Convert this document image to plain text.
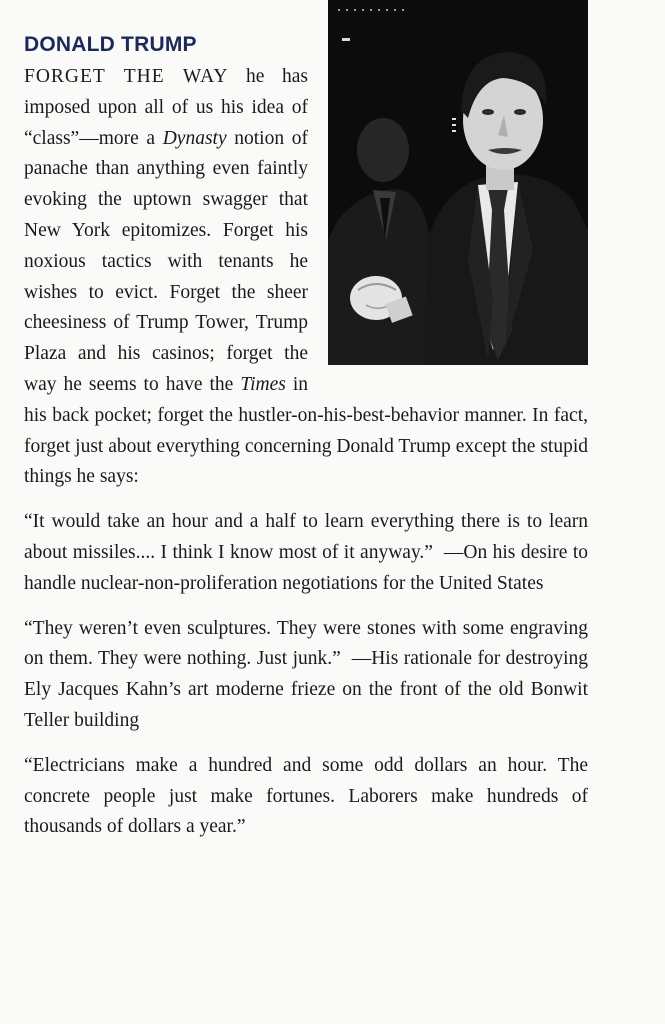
DONALD TRUMP

FORGET THE WAY he has imposed upon all of us his idea of “class”—more a Dynasty notion of panache than anything even faintly evoking the uptown swagger that New York epitomizes. Forget his noxious tactics with tenants he wishes to evict. Forget the sheer cheesiness of Trump Tower, Trump Plaza and his casinos; forget the way he seems to have the Times in his back pocket; forget the hustler-on-his-best-behavior manner. In fact, forget just about everything concerning Donald Trump except the stupid things he says:

“It would take an hour and a half to learn everything there is to learn about missiles.... I think I know most of it anyway.” —On his desire to handle nuclear-non-proliferation negotiations for the United States

“They weren’t even sculptures. They were stones with some engraving on them. They were nothing. Just junk.” —His rationale for destroying Ely Jacques Kahn’s art moderne frieze on the front of the old Bonwit Teller building

“Electricians make a hundred and some odd dollars an hour. The concrete people just make fortunes. Laborers make hundreds of thousands of dollars a year.”
